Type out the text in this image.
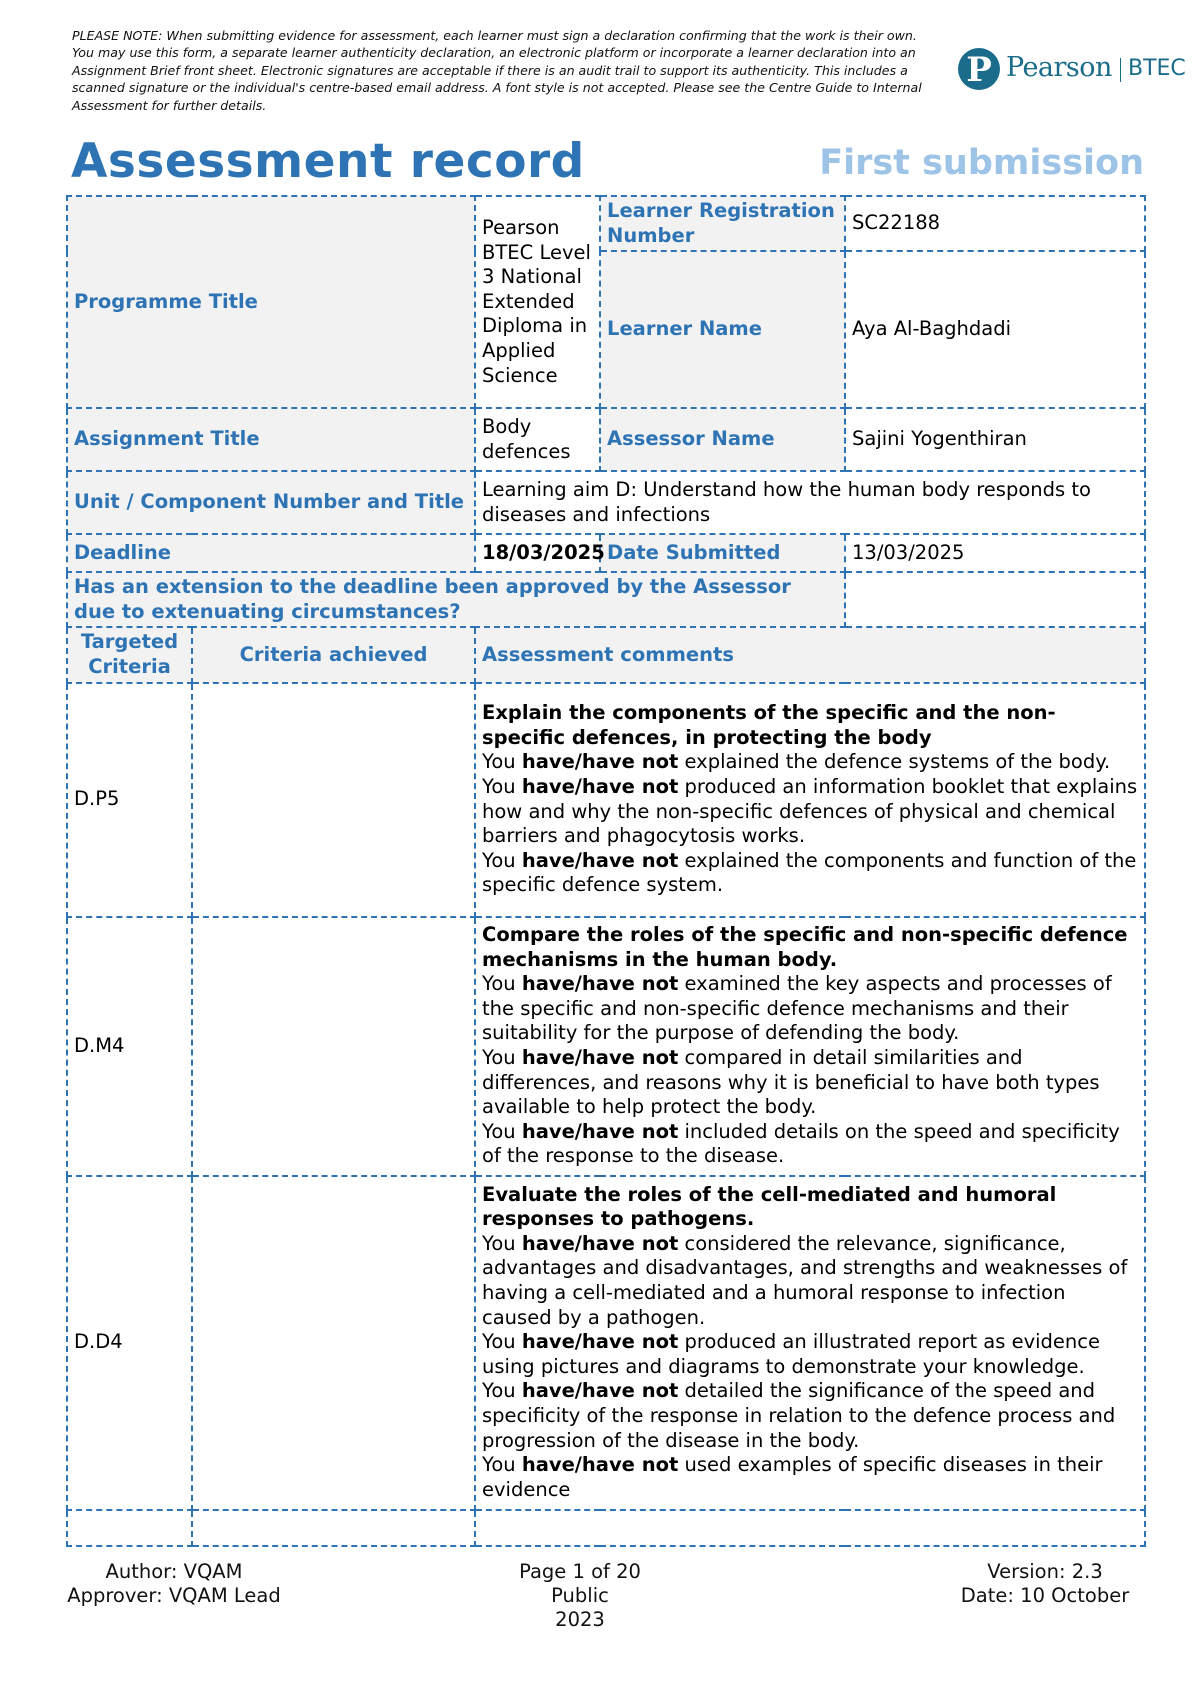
PLEASE NOTE: When submitting evidence for assessment, each learner must sign a declaration confirming that the work is their own. You may use this form, a separate learner authenticity declaration, an electronic platform or incorporate a learner declaration into an Assignment Brief front sheet. Electronic signatures are acceptable if there is an audit trail to support its authenticity. This includes a scanned signature or the individual's centre-based email address. A font style is not accepted. Please see the Centre Guide to Internal Assessment for further details.
P Pearson BTEC
Assessment record	First submission
Programme Title		Pearson BTEC Level 3 National Extended Diploma in Applied Science	Learner Registration Number	SC22188
			Learner Name	Aya Al-Baghdadi
Assignment Title		Body defences	Assessor Name	Sajini Yogenthiran
Unit / Component Number and Title		Learning aim D: Understand how the human body responds to diseases and infections		
Deadline		18/03/2025	Date Submitted	13/03/2025
Has an extension to the deadline been approved by the Assessor due to extenuating circumstances?				
Targeted Criteria	Criteria achieved	Assessment comments		
D.P5		Explain the components of the specific and the non-specific defences, in protecting the body
You have/have not explained the defence systems of the body.
You have/have not produced an information booklet that explains how and why the non-specific defences of physical and chemical barriers and phagocytosis works.
You have/have not explained the components and function of the specific defence system.		

D.M4		Compare the roles of the specific and non-specific defence mechanisms in the human body.
You have/have not examined the key aspects and processes of the specific and non-specific defence mechanisms and their suitability for the purpose of defending the body.
You have/have not compared in detail similarities and differences, and reasons why it is beneficial to have both types available to help protect the body.
You have/have not included details on the speed and specificity of the response to the disease.		

D.D4		Evaluate the roles of the cell-mediated and humoral responses to pathogens.
You have/have not considered the relevance, significance, advantages and disadvantages, and strengths and weaknesses of having a cell-mediated and a humoral response to infection caused by a pathogen.
You have/have not produced an illustrated report as evidence using pictures and diagrams to demonstrate your knowledge.
You have/have not detailed the significance of the speed and specificity of the response in relation to the defence process and progression of the disease in the body.
You have/have not used examples of specific diseases in their evidence		

Author: VQAM
Approver: VQAM Lead
Page 1 of 20
Public
2023
Version: 2.3
Date: 10 October
